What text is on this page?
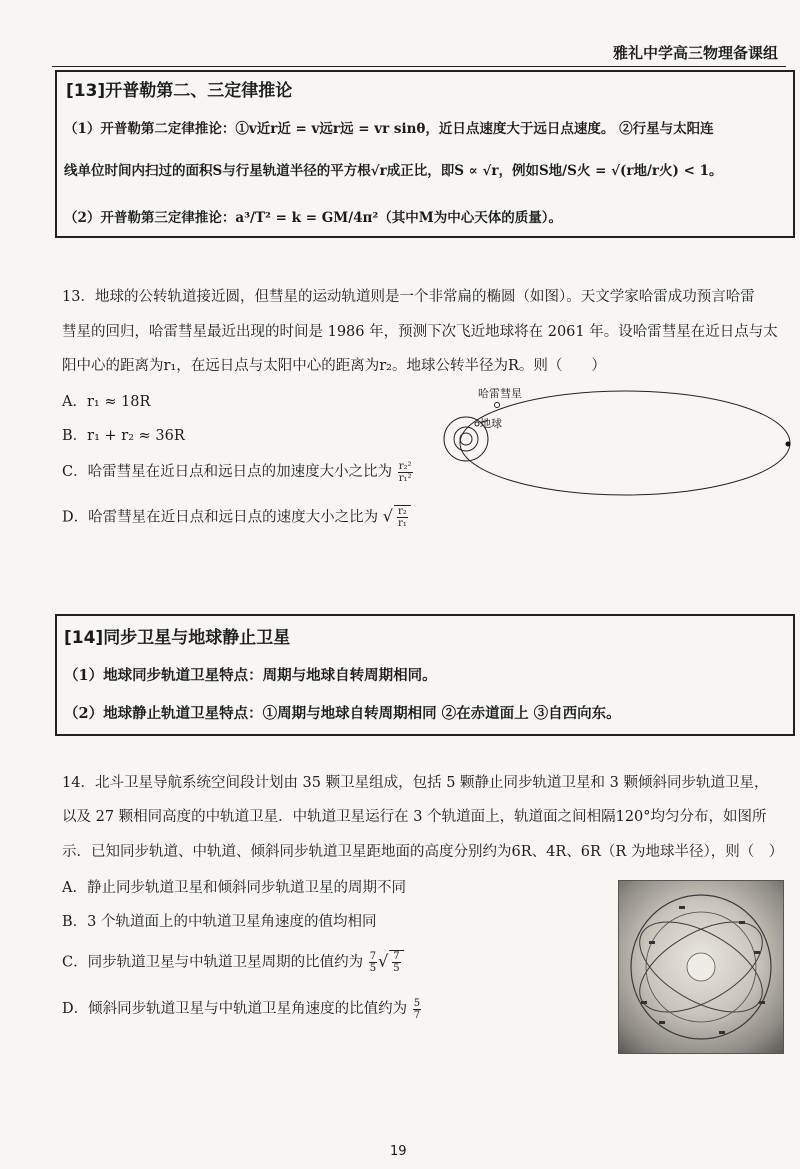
雅礼中学高三物理备课组
[13]开普勒第二、三定律推论
（1）开普勒第二定律推论：①v近r近 = v远r远 = vr sinθ，近日点速度大于远日点速度。 ②行星与太阳连
线单位时间内扫过的面积S与行星轨道半径的平方根√r成正比，即S ∝ √r，例如S地/S火 = √(r地/r火) < 1。
（2）开普勒第三定律推论：a³/T² = k = GM/4π²（其中M为中心天体的质量）。
13．地球的公转轨道接近圆，但彗星的运动轨道则是一个非常扁的椭圆（如图）。天文学家哈雷成功预言哈雷
彗星的回归，哈雷彗星最近出现的时间是 1986 年，预测下次飞近地球将在 2061 年。设哈雷彗星在近日点与太
阳中心的距离为r₁，在远日点与太阳中心的距离为r₂。地球公转半径为R。则（　　）
A．r₁ ≈ 18R
B．r₁ + r₂ ≈ 36R
C．哈雷彗星在近日点和远日点的加速度大小之比为 $\frac{\text{r₂²}}{\text{r₁²}}$
D．哈雷彗星在近日点和远日点的速度大小之比为 √ $\frac{\text{r₂}}{\text{r₁}}$
哈雷彗星
地球
[14]同步卫星与地球静止卫星
（1）地球同步轨道卫星特点：周期与地球自转周期相同。
（2）地球静止轨道卫星特点：①周期与地球自转周期相同 ②在赤道面上 ③自西向东。
14．北斗卫星导航系统空间段计划由 35 颗卫星组成，包括 5 颗静止同步轨道卫星和 3 颗倾斜同步轨道卫星，
以及 27 颗相同高度的中轨道卫星．中轨道卫星运行在 3 个轨道面上，轨道面之间相隔120°均匀分布，如图所
示．已知同步轨道、中轨道、倾斜同步轨道卫星距地面的高度分别约为6R、4R、6R（R 为地球半径），则（　）
A．静止同步轨道卫星和倾斜同步轨道卫星的周期不同
B．3 个轨道面上的中轨道卫星角速度的值均相同
C．同步轨道卫星与中轨道卫星周期的比值约为 $\frac{7}{5}$ √ $\frac{7}{5}$
D．倾斜同步轨道卫星与中轨道卫星角速度的比值约为 $\frac{5}{7}$
19
